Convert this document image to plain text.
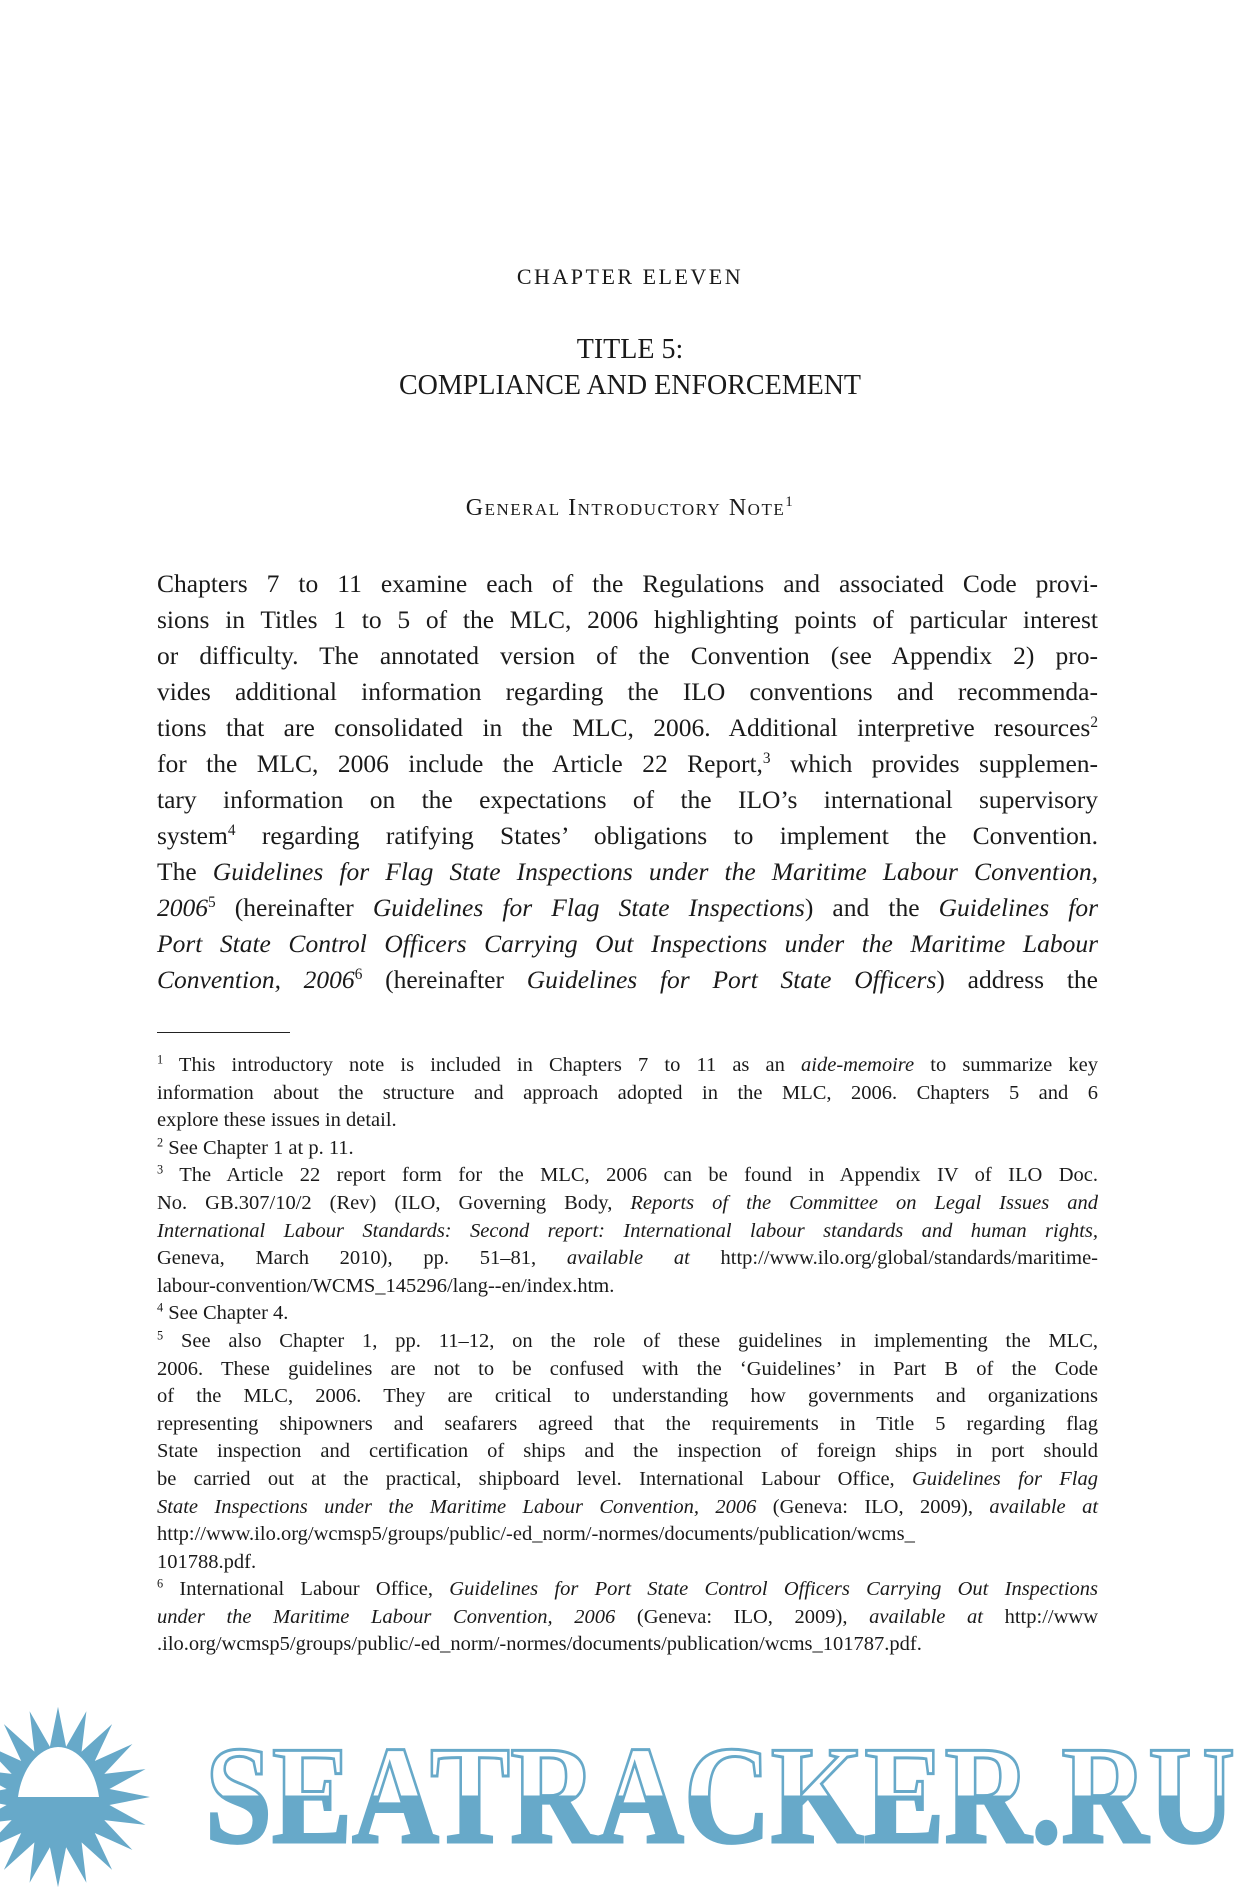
CHAPTER ELEVEN
TITLE 5:
COMPLIANCE AND ENFORCEMENT
General Introductory Note$^1$
Chapters 7 to 11 examine each of the Regulations and associated Code provi-
sions in Titles 1 to 5 of the MLC, 2006 highlighting points of particular interest
or difficulty. The annotated version of the Convention (see Appendix 2) pro-
vides additional information regarding the ILO conventions and recommenda-
tions that are consolidated in the MLC, 2006. Additional interpretive resources$^2$
for the MLC, 2006 include the Article 22 Report,$^3$ which provides supplemen-
tary information on the expectations of the ILO’s international supervisory
system$^4$ regarding ratifying States’ obligations to implement the Convention.
The Guidelines for Flag State Inspections under the Maritime Labour Convention,
2006$^5$ (hereinafter Guidelines for Flag State Inspections) and the Guidelines for
Port State Control Officers Carrying Out Inspections under the Maritime Labour
Convention, 2006$^6$ (hereinafter Guidelines for Port State Officers) address the
$^1$ This introductory note is included in Chapters 7 to 11 as an aide-memoire to summarize key
information about the structure and approach adopted in the MLC, 2006. Chapters 5 and 6
explore these issues in detail.
$^2$ See Chapter 1 at p. 11.
$^3$ The Article 22 report form for the MLC, 2006 can be found in Appendix IV of ILO Doc.
No. GB.307/10/2 (Rev) (ILO, Governing Body, Reports of the Committee on Legal Issues and
International Labour Standards: Second report: International labour standards and human rights,
Geneva, March 2010), pp. 51–81, available at http://www.ilo.org/global/standards/maritime-
labour-convention/WCMS_145296/lang--en/index.htm.
$^4$ See Chapter 4.
$^5$ See also Chapter 1, pp. 11–12, on the role of these guidelines in implementing the MLC,
2006. These guidelines are not to be confused with the ‘Guidelines’ in Part B of the Code
of the MLC, 2006. They are critical to understanding how governments and organizations
representing shipowners and seafarers agreed that the requirements in Title 5 regarding flag
State inspection and certification of ships and the inspection of foreign ships in port should
be carried out at the practical, shipboard level. International Labour Office, Guidelines for Flag
State Inspections under the Maritime Labour Convention, 2006 (Geneva: ILO, 2009), available at
http://www.ilo.org/wcmsp5/groups/public/-ed_norm/-normes/documents/publication/wcms_
101788.pdf.
$^6$ International Labour Office, Guidelines for Port State Control Officers Carrying Out Inspections
under the Maritime Labour Convention, 2006 (Geneva: ILO, 2009), available at http://www
.ilo.org/wcmsp5/groups/public/-ed_norm/-normes/documents/publication/wcms_101787.pdf.
SEATRACKER.RU
